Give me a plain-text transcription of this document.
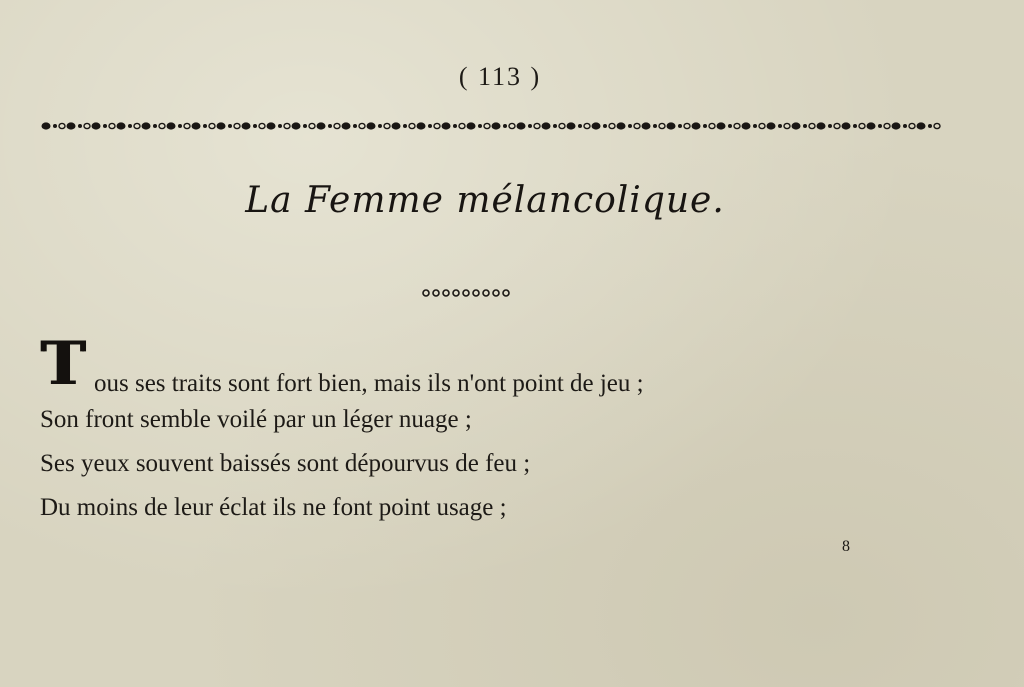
( 113 )
La Femme mélancolique.
T ous ses traits sont fort bien, mais ils n'ont point de jeu ;
Son front semble voilé par un léger nuage ;
Ses yeux souvent baissés sont dépourvus de feu ;
Du moins de leur éclat ils ne font point usage ;
8
